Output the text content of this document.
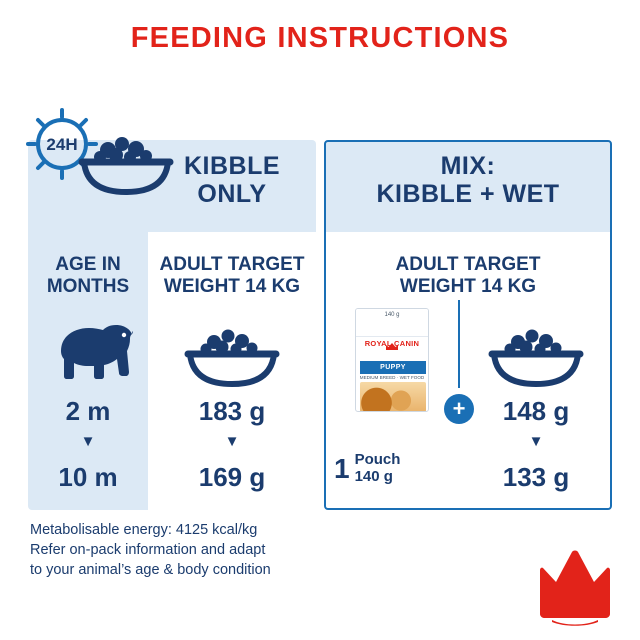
FEEDING INSTRUCTIONS
24H
KIBBLE
ONLY
MIX:
KIBBLE + WET
AGE IN
MONTHS
ADULT TARGET
WEIGHT 14 KG
ADULT TARGET
WEIGHT 14 KG
140 g
ROYAL CANIN
PUPPY
MEDIUM BREED · WET FOOD
+
1 Pouch
140 g
2 m
▼
10 m
183 g
▼
169 g
148 g
▼
133 g
Metabolisable energy: 4125 kcal/kg
Refer on-pack information and adapt
to your animal’s age & body condition
